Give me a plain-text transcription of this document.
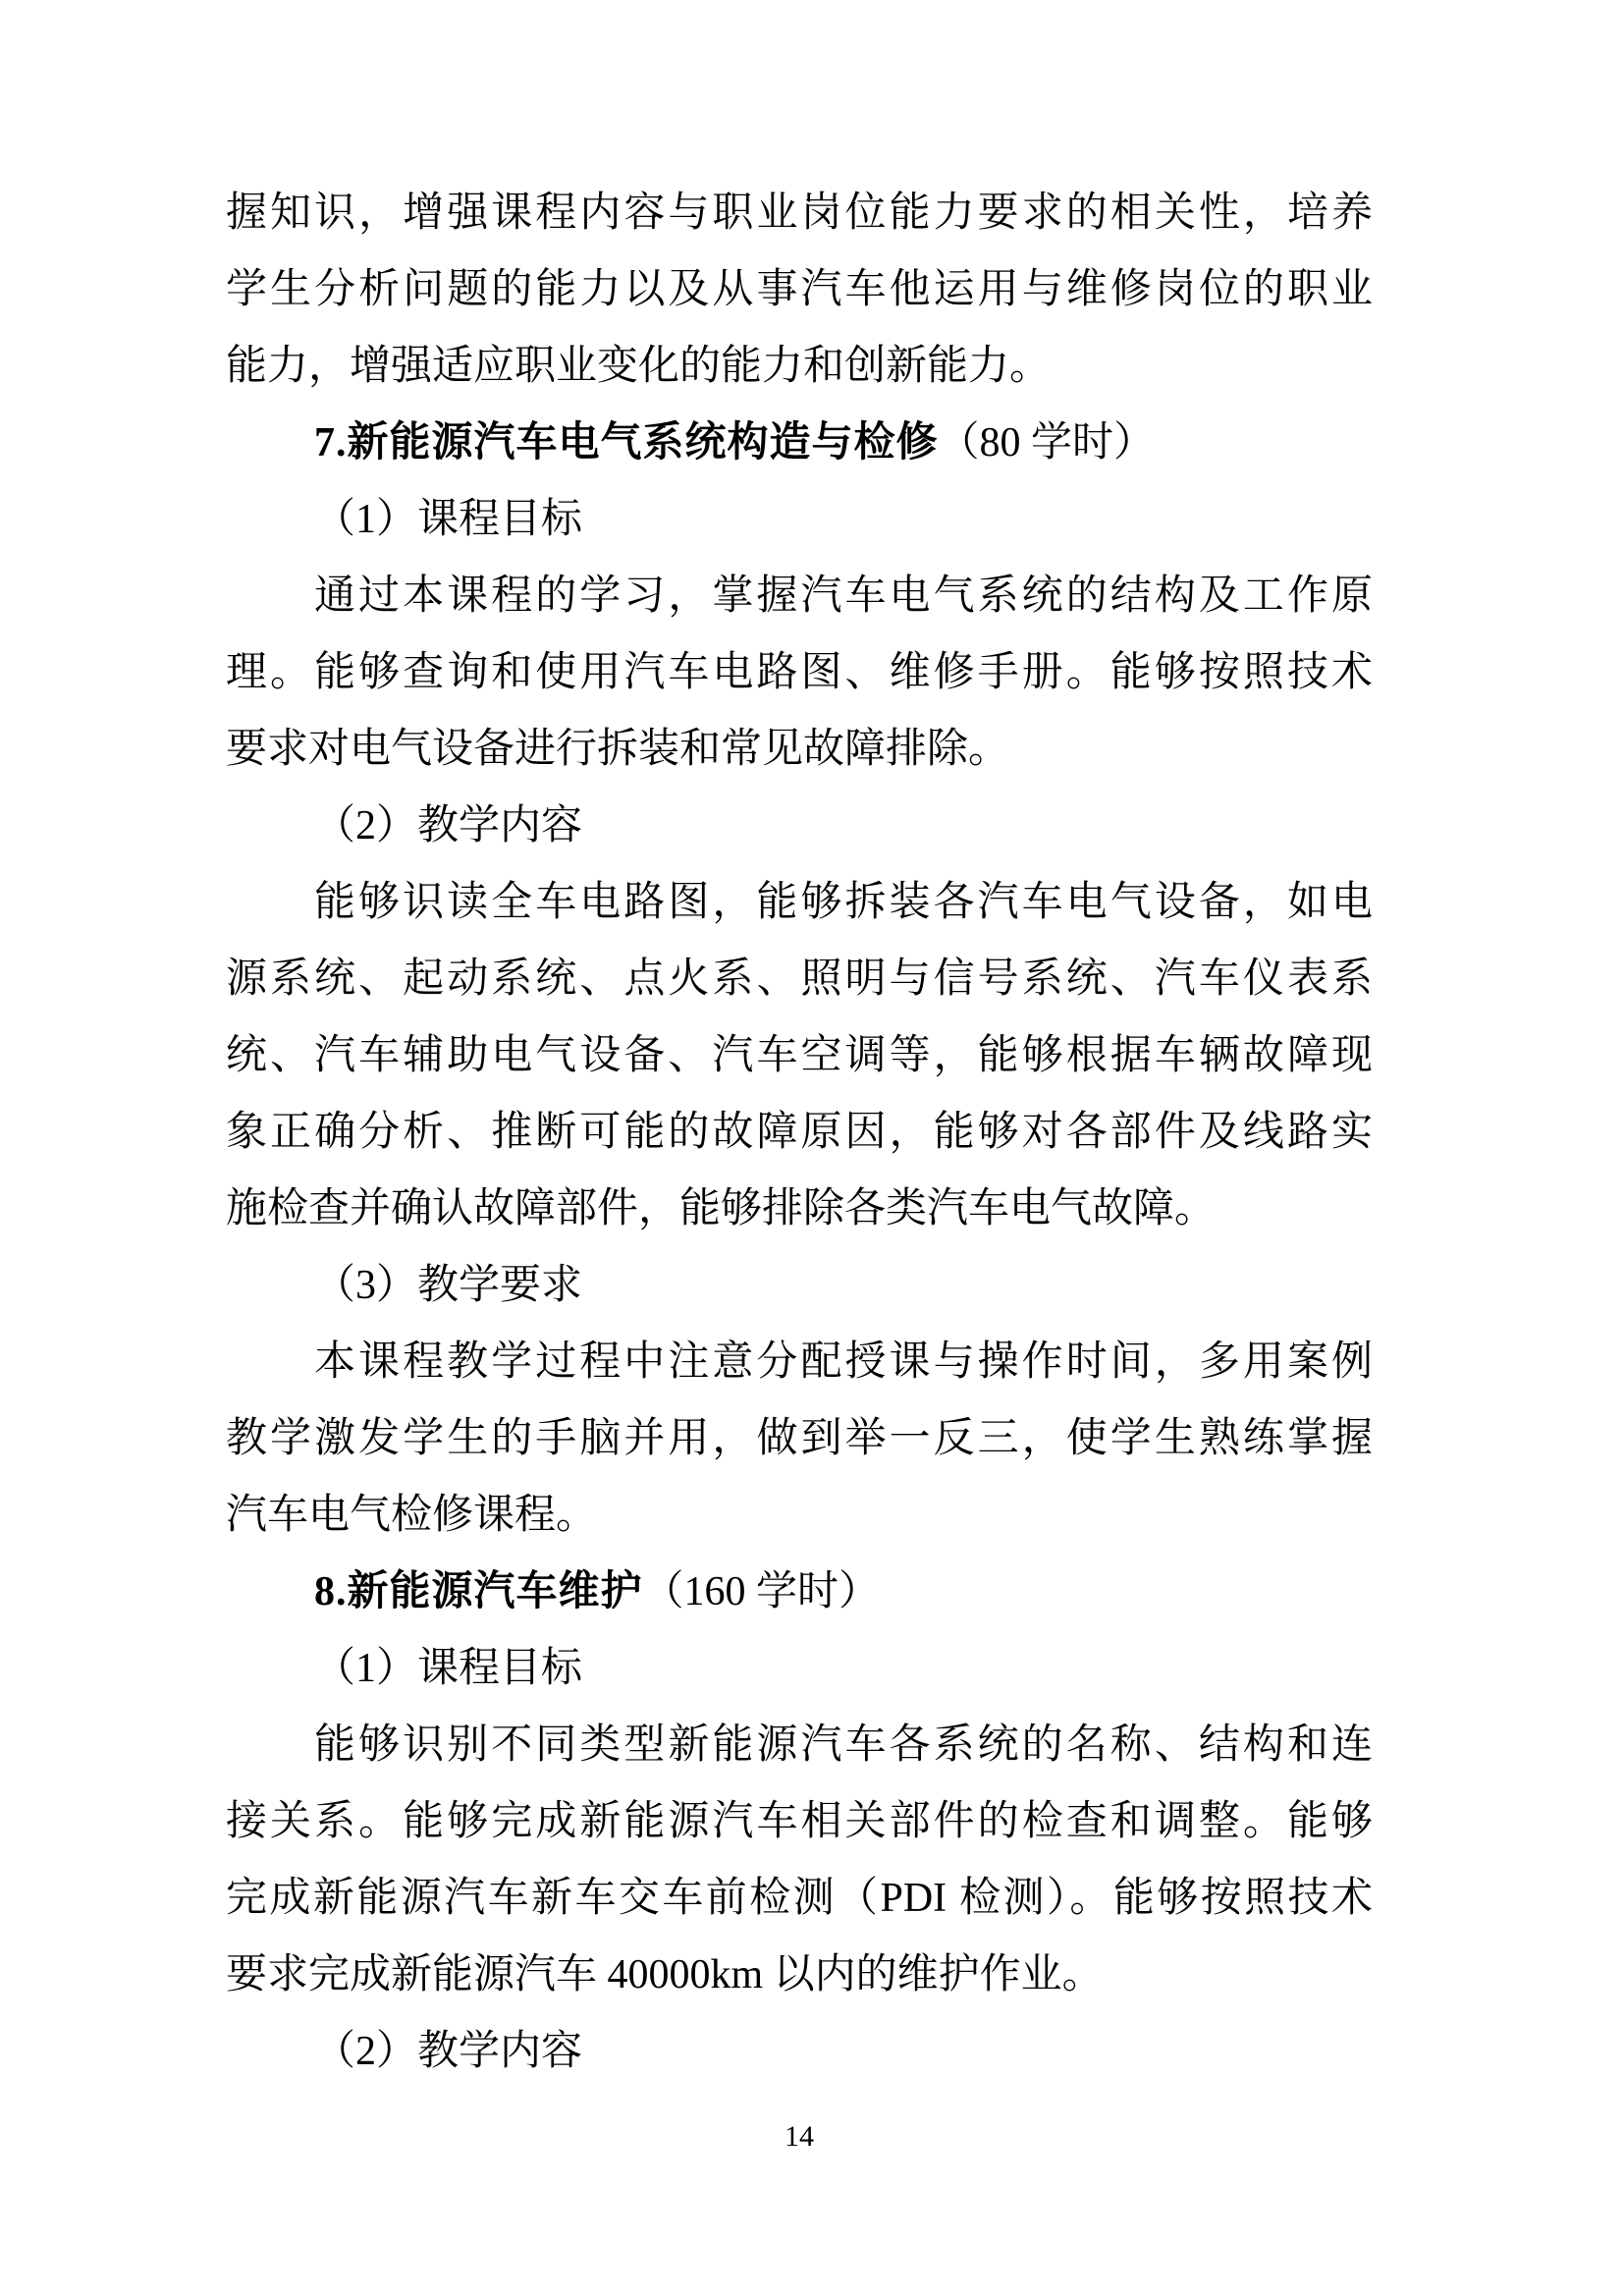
握知识，增强课程内容与职业岗位能力要求的相关性，培养
学生分析问题的能力以及从事汽车他运用与维修岗位的职业
能力，增强适应职业变化的能力和创新能力。
7.新能源汽车电气系统构造与检修（80 学时）
（1）课程目标
通过本课程的学习，掌握汽车电气系统的结构及工作原
理。能够查询和使用汽车电路图、维修手册。能够按照技术
要求对电气设备进行拆装和常见故障排除。
（2）教学内容
能够识读全车电路图，能够拆装各汽车电气设备，如电
源系统、起动系统、点火系、照明与信号系统、汽车仪表系
统、汽车辅助电气设备、汽车空调等，能够根据车辆故障现
象正确分析、推断可能的故障原因，能够对各部件及线路实
施检查并确认故障部件，能够排除各类汽车电气故障。
（3）教学要求
本课程教学过程中注意分配授课与操作时间，多用案例
教学激发学生的手脑并用，做到举一反三，使学生熟练掌握
汽车电气检修课程。
8.新能源汽车维护（160 学时）
（1）课程目标
能够识别不同类型新能源汽车各系统的名称、结构和连
接关系。能够完成新能源汽车相关部件的检查和调整。能够
完成新能源汽车新车交车前检测（PDI 检测）。能够按照技术
要求完成新能源汽车 40000km 以内的维护作业。
（2）教学内容
14
